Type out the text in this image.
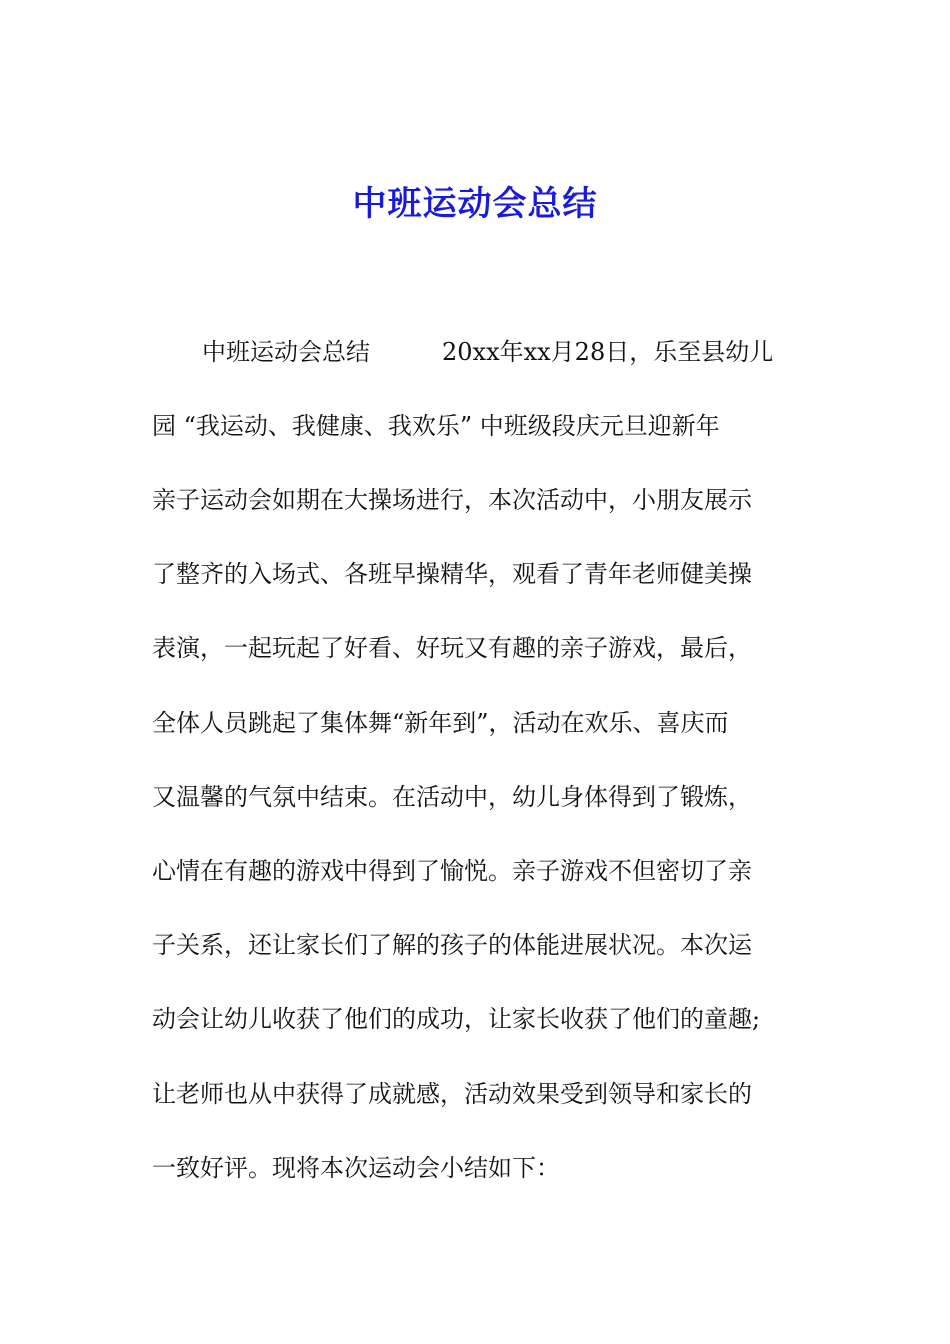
中班运动会总结
中班运动会总结　　　20xx年xx月28日，乐至县幼儿
园 “我运动、我健康、我欢乐” 中班级段庆元旦迎新年
亲子运动会如期在大操场进行，本次活动中，小朋友展示
了整齐的入场式、各班早操精华，观看了青年老师健美操
表演，一起玩起了好看、好玩又有趣的亲子游戏，最后，
全体人员跳起了集体舞“新年到”，活动在欢乐、喜庆而
又温馨的气氛中结束。在活动中，幼儿身体得到了锻炼，
心情在有趣的游戏中得到了愉悦。亲子游戏不但密切了亲
子关系，还让家长们了解的孩子的体能进展状况。本次运
动会让幼儿收获了他们的成功，让家长收获了他们的童趣;
让老师也从中获得了成就感，活动效果受到领导和家长的
一致好评。现将本次运动会小结如下：
